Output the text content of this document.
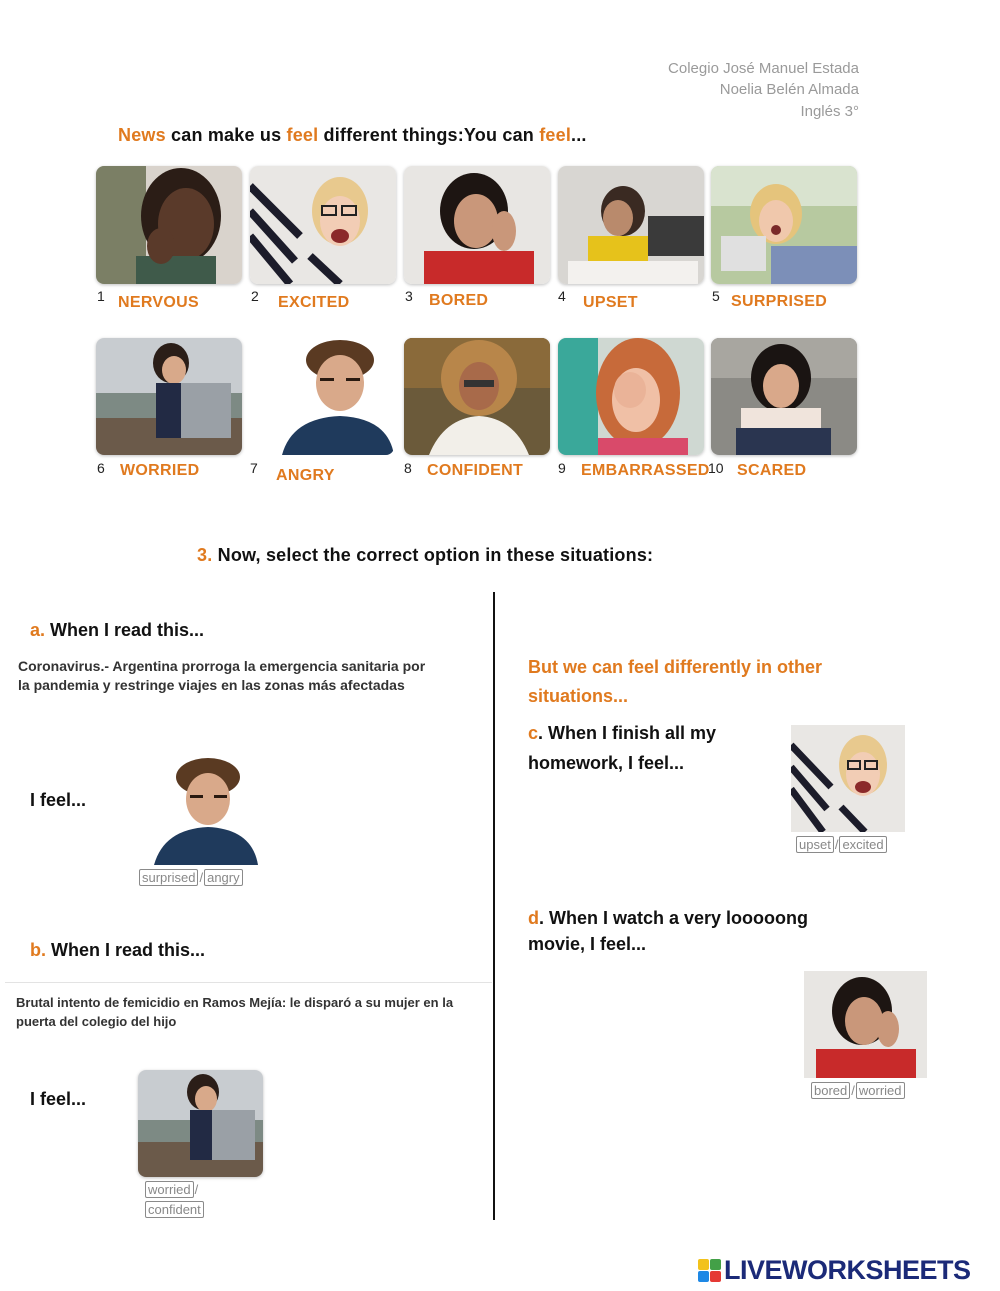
Colegio José Manuel Estada
Noelia Belén Almada
Inglés 3°
News can make us feel different things:You can feel...
1 NERVOUS	2 EXCITED	3 BORED	4 UPSET	5 SURPRISED
6 WORRIED	7 ANGRY	8 CONFIDENT 9 EMBARRASSED
10 SCARED
3. Now, select the correct option in these situations:
a. When I read this...
Coronavirus.- Argentina prorroga la emergencia sanitaria por la pandemia y restringe viajes en las zonas más afectadas
I feel...
surprised / angry
b. When I read this...
Brutal intento de femicidio en Ramos Mejía: le disparó a su mujer en la puerta del colegio del hijo
I feel...
worried /
confident
But we can feel differently in other
situations...
c. When I finish all my
homework, I feel...
upset / excited
d. When I watch a very looooong
movie, I feel...
bored / worried
LIVEWORKSHEETS
